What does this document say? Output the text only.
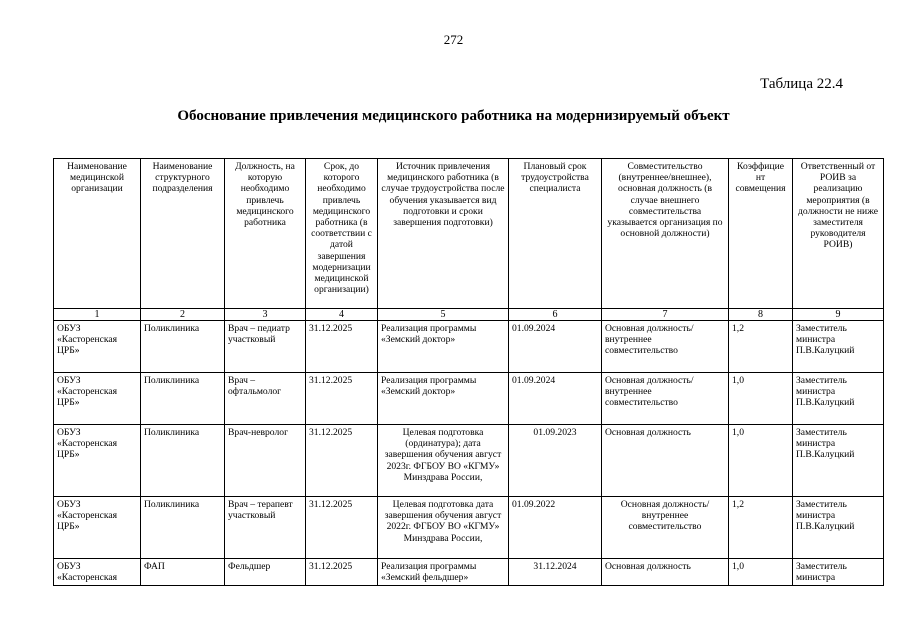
272
Таблица 22.4
Обоснование привлечения медицинского работника на модернизируемый объект
Наименование медицинской организации	Наименование структурного подразделения	Должность, на которую необходимо привлечь медицинского работника	Срок, до которого необходимо привлечь медицинского работника (в соответствии с датой завершения модернизации медицинской организации)	Источник привлечения медицинского работника (в случае трудоустройства после обучения указывается вид подготовки и сроки завершения подготовки)	Плановый срок трудоустройства специалиста	Совместительство (внутреннее/внешнее), основная должность (в случае внешнего совместительства указывается организация по основной должности)	Коэффицие нт совмещения	Ответственный от РОИВ за реализацию мероприятия (в должности не ниже заместителя руководителя РОИВ)
1	2	3	4	5	6	7	8	9
ОБУЗ «Касторенская ЦРБ»	Поликлиника	Врач – педиатр участковый	31.12.2025	Реализация программы «Земский доктор»	01.09.2024	Основная должность/внутреннее совместительство	1,2	Заместитель министра П.В.Калуцкий
ОБУЗ «Касторенская ЦРБ»	Поликлиника	Врач – офтальмолог	31.12.2025	Реализация программы «Земский доктор»	01.09.2024	Основная должность/внутреннее совместительство	1,0	Заместитель министра П.В.Калуцкий
ОБУЗ «Касторенская ЦРБ»	Поликлиника	Врач-невролог	31.12.2025	Целевая подготовка (ординатура); дата завершения обучения август 2023г. ФГБОУ ВО «КГМУ» Минздрава России,	01.09.2023	Основная должность	1,0	Заместитель министра П.В.Калуцкий
ОБУЗ «Касторенская ЦРБ»	Поликлиника	Врач – терапевт участковый	31.12.2025	Целевая подготовка дата завершения обучения август 2022г. ФГБОУ ВО «КГМУ» Минздрава России,	01.09.2022	Основная должность/внутреннее совместительство	1,2	Заместитель министра П.В.Калуцкий
ОБУЗ «Касторенская	ФАП	Фельдшер	31.12.2025	Реализация программы «Земский фельдшер»	31.12.2024	Основная должность	1,0	Заместитель министра
